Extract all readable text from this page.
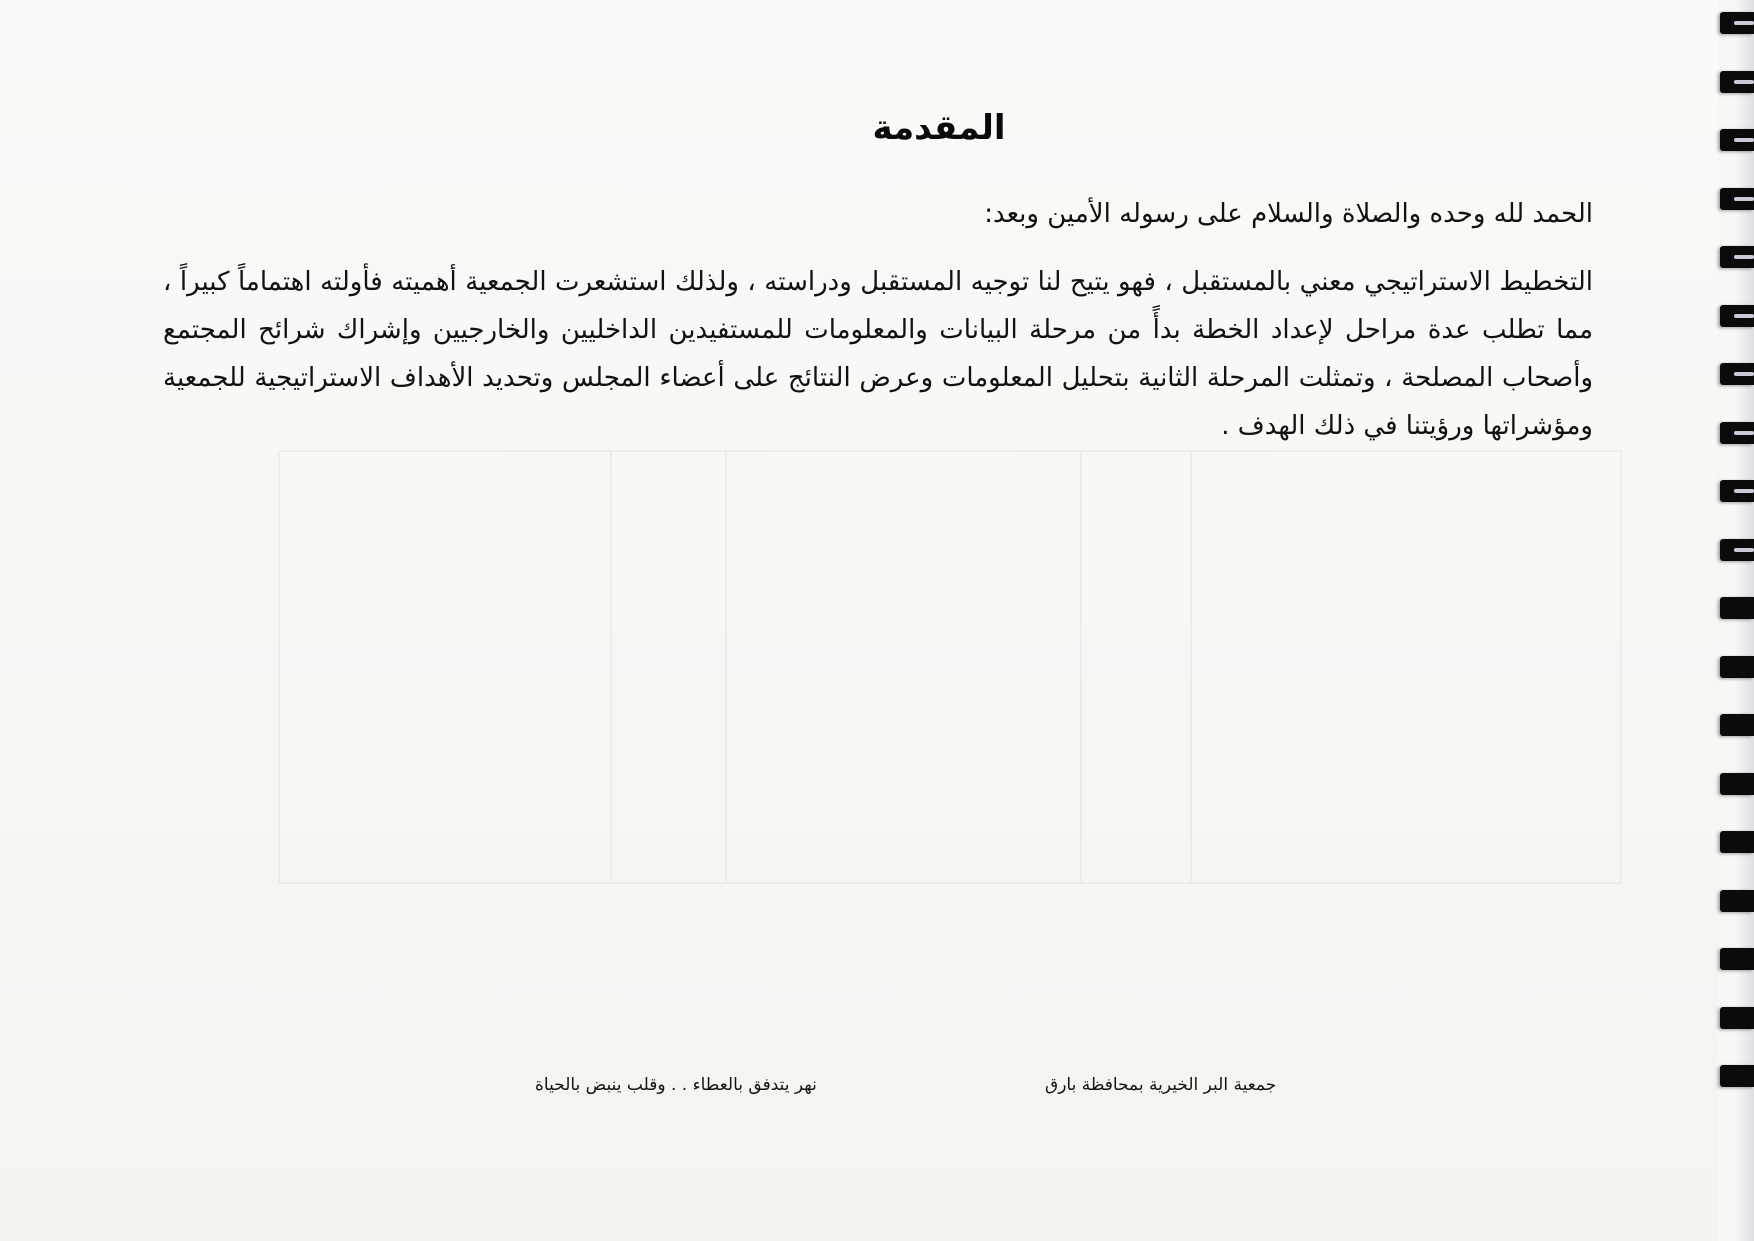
المقدمة

الحمد لله وحده والصلاة والسلام على رسوله الأمين وبعد:

التخطيط الاستراتيجي معني بالمستقبل ، فهو يتيح لنا توجيه المستقبل ودراسته ، ولذلك استشعرت الجمعية أهميته فأولته اهتماماً كبيراً ، مما تطلب عدة مراحل لإعداد الخطة بدأً من مرحلة البيانات والمعلومات للمستفيدين الداخليين والخارجيين وإشراك شرائح المجتمع وأصحاب المصلحة ، وتمثلت المرحلة الثانية بتحليل المعلومات وعرض النتائج على أعضاء المجلس وتحديد الأهداف الاستراتيجية للجمعية ومؤشراتها ورؤيتنا في ذلك الهدف .

جمعية البر الخيرية بمحافظة بارق
نهر يتدفق بالعطاء . . وقلب ينبض بالحياة
